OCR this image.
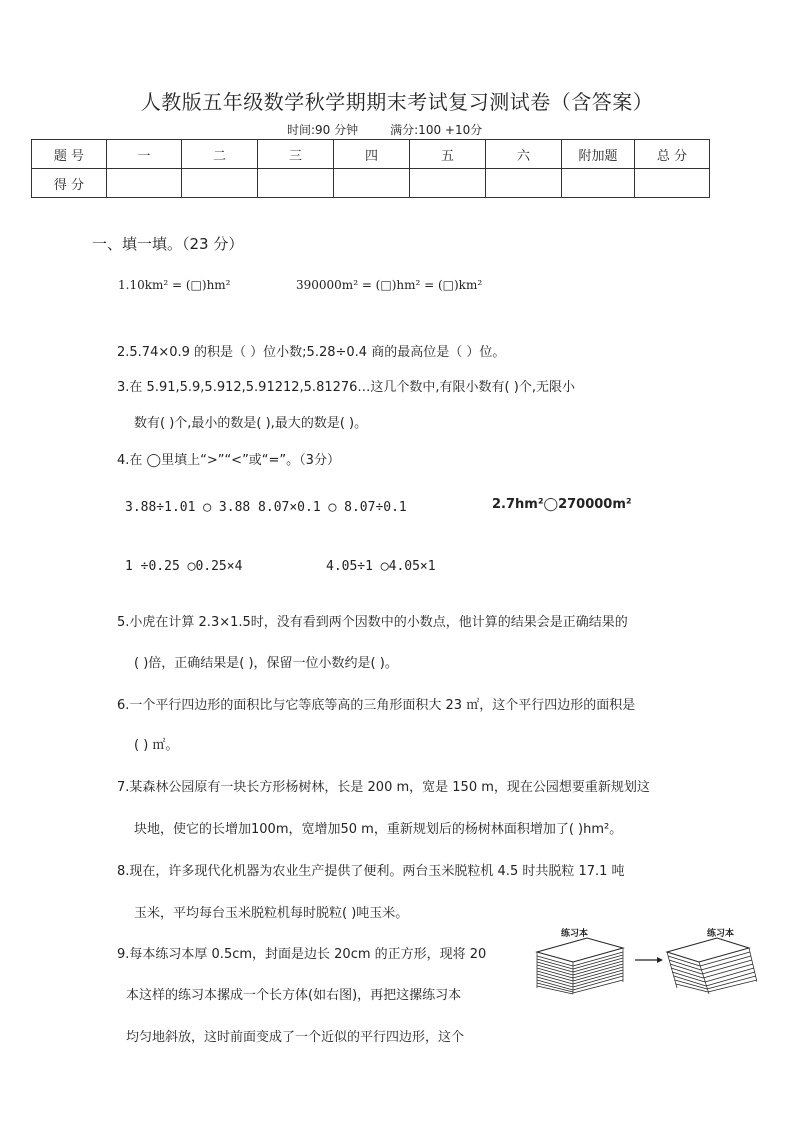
人教版五年级数学秋学期期末考试复习测试卷（含答案）
时间:90 分钟	满分:100 +10分
题 号	一	二	三	四	五	六	附加题	总 分
得 分								
一、填一填。（23 分）
1.10km² = (□)hm²	390000m² = (□)hm² = (□)km²
2.5.74×0.9 的积是（ ）位小数;5.28÷0.4 商的最高位是（ ）位。
3.在 5.91,5.9,5.912,5.91212,5.81276…这几个数中,有限小数有( )个,无限小
数有( )个,最小的数是( ),最大的数是( )。
4.在 ◯里填上“>”“<”或“=”。（3分）
3.88÷1.01 ◯ 3.88 8.07×0.1 ◯ 8.07÷0.1	2.7hm²◯270000m²
1 ÷0.25 ◯0.25×4	4.05÷1 ◯4.05×1
5.小虎在计算 2.3×1.5时，没有看到两个因数中的小数点，他计算的结果会是正确结果的
( )倍，正确结果是( )，保留一位小数约是( )。
6.一个平行四边形的面积比与它等底等高的三角形面积大 23 ㎡，这个平行四边形的面积是
( ) ㎡。
7.某森林公园原有一块长方形杨树林，长是 200 m，宽是 150 m，现在公园想要重新规划这
块地，使它的长增加100m，宽增加50 m，重新规划后的杨树林面积增加了( )hm²。
8.现在，许多现代化机器为农业生产提供了便利。两台玉米脱粒机 4.5 时共脱粒 17.1 吨
玉米，平均每台玉米脱粒机每时脱粒( )吨玉米。
9.每本练习本厚 0.5cm，封面是边长 20cm 的正方形，现将 20
本这样的练习本摞成一个长方体(如右图)，再把这摞练习本
均匀地斜放，这时前面变成了一个近似的平行四边形，这个
练习本	练习本
